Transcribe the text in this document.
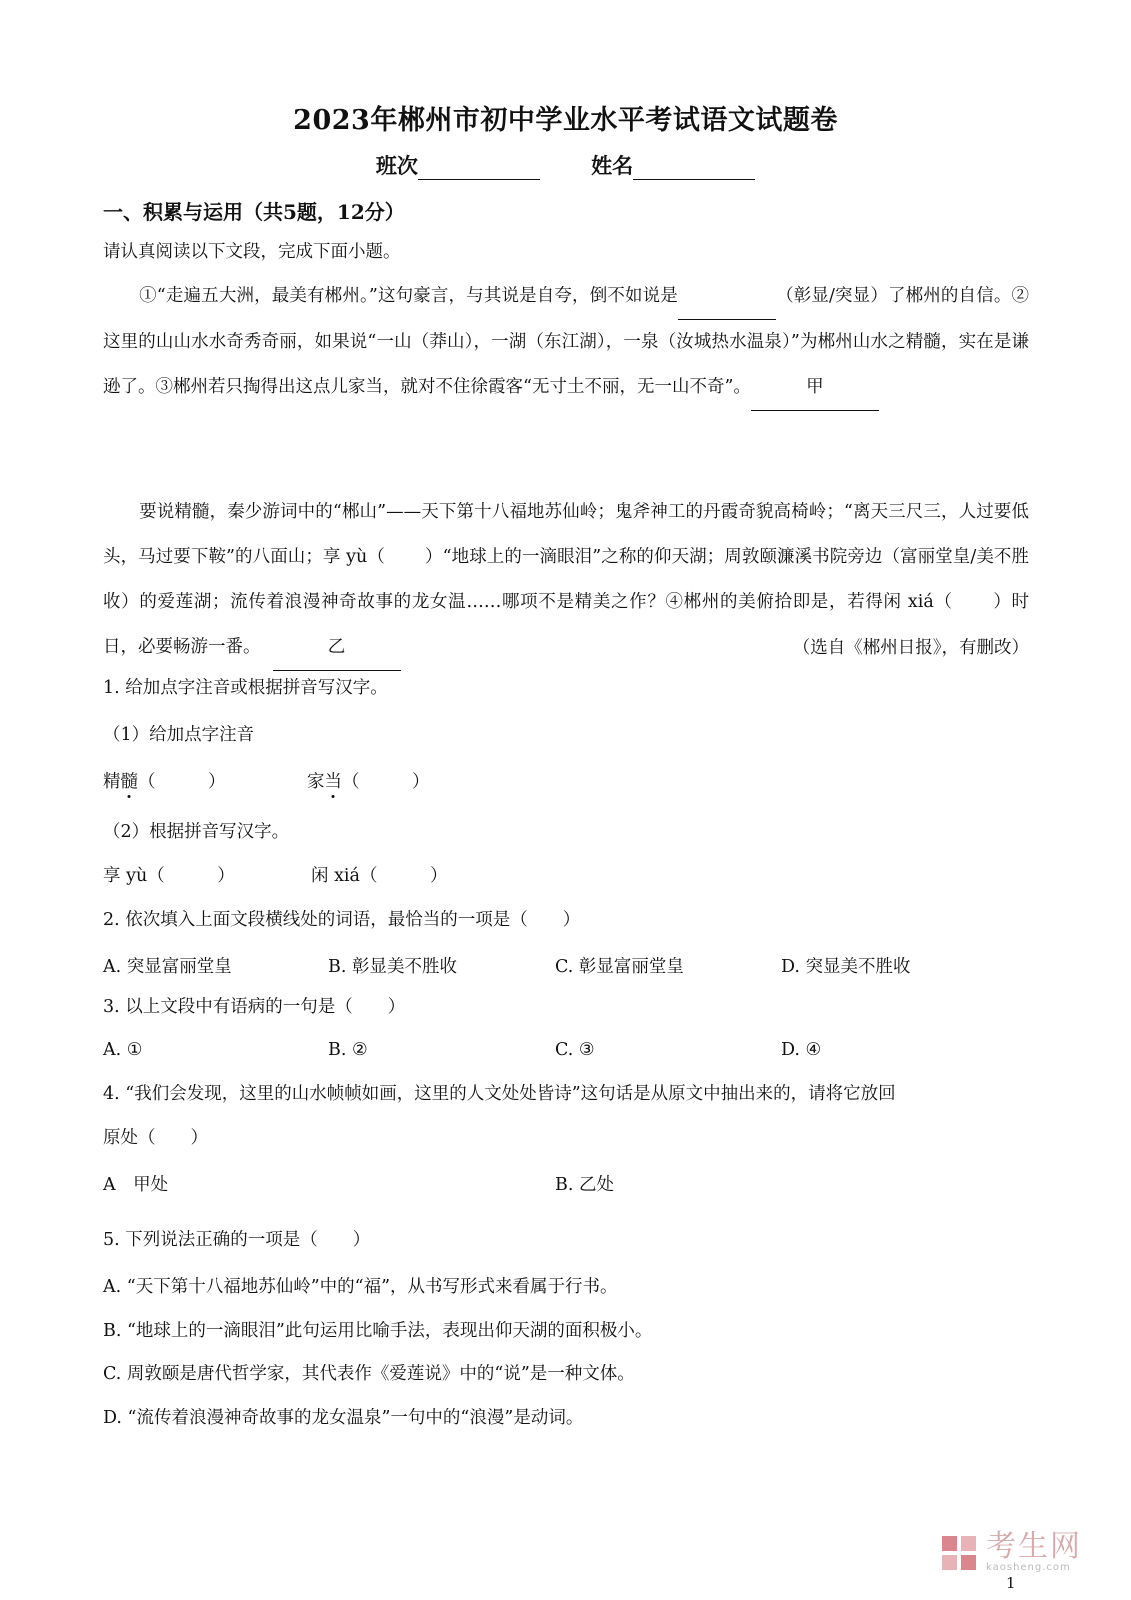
2023年郴州市初中学业水平考试语文试题卷
班次	姓名
一、积累与运用（共5题，12分）
请认真阅读以下文段，完成下面小题。
①“走遍五大洲，最美有郴州。”这句豪言，与其说是自夸，倒不如说是	（彰显/突显）了郴州的自信。②这里的山山水水奇秀奇丽，如果说“一山（莽山），一湖（东江湖），一泉（汝城热水温泉）”为郴州山水之精髓，实在是谦逊了。③郴州若只掏得出这点儿家当，就对不住徐霞客“无寸土不丽，无一山不奇”。	甲
要说精髓，秦少游词中的“郴山”——天下第十八福地苏仙岭；鬼斧神工的丹霞奇貌高椅岭；“离天三尺三，人过要低头，马过要下鞍”的八面山；享 yù（ ）“地球上的一滴眼泪”之称的仰天湖；周敦颐濂溪书院旁边（富丽堂皇/美不胜收）的爱莲湖；流传着浪漫神奇故事的龙女温……哪项不是精美之作？④郴州的美俯拾即是，若得闲 xiá（ ）时日，必要畅游一番。	乙	（选自《郴州日报》，有删改）
1. 给加点字注音或根据拼音写汉字。
（1）给加点字注音
精髓（　　　）	家当（　　　）
（2）根据拼音写汉字。
享 yù（　　　）	闲 xiá（　　　）
2. 依次填入上面文段横线处的词语，最恰当的一项是（　　）
A. 突显富丽堂皇	B. 彰显美不胜收	C. 彰显富丽堂皇	D. 突显美不胜收
3. 以上文段中有语病的一句是（　　）
A. ①	B. ②	C. ③	D. ④
4. “我们会发现，这里的山水帧帧如画，这里的人文处处皆诗”这句话是从原文中抽出来的，请将它放回
原处（　　）
A　甲处	B. 乙处
5. 下列说法正确的一项是（　　）
A. “天下第十八福地苏仙岭”中的“福”，从书写形式来看属于行书。
B. “地球上的一滴眼泪”此句运用比喻手法，表现出仰天湖的面积极小。
C. 周敦颐是唐代哲学家，其代表作《爱莲说》中的“说”是一种文体。
D. “流传着浪漫神奇故事的龙女温泉”一句中的“浪漫”是动词。
考生网
kaosheng.com
1
